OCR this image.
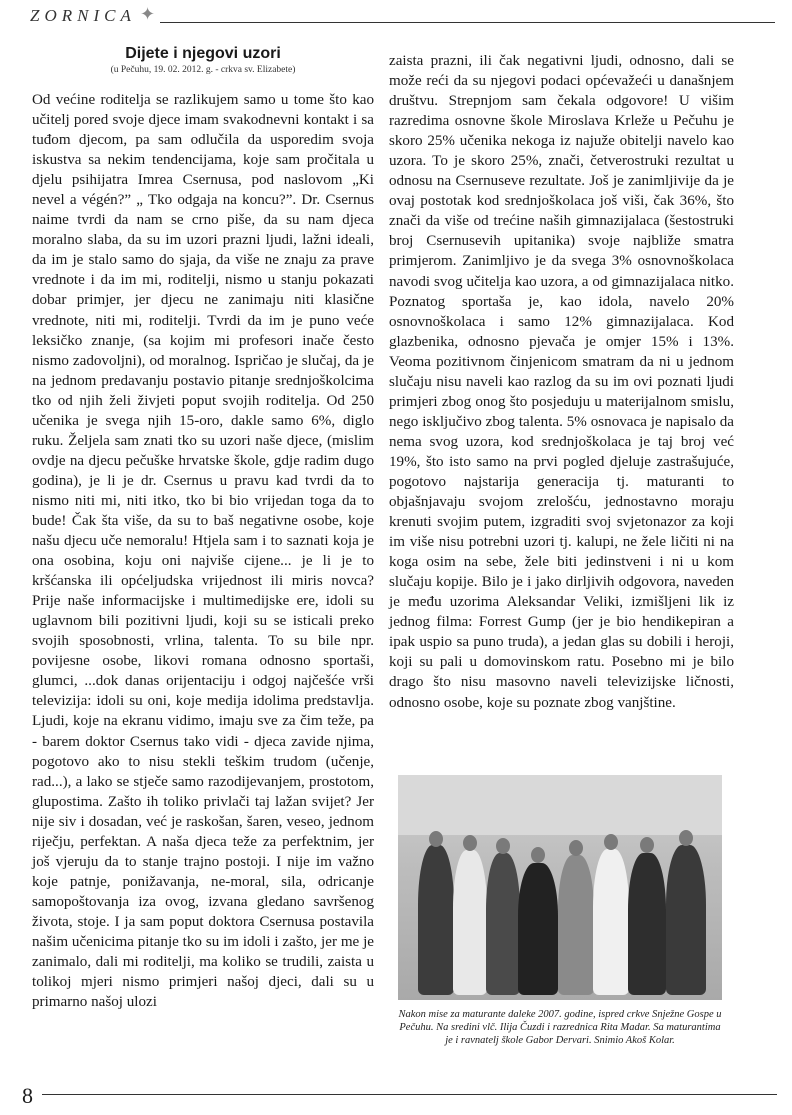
ZORNICA ✦
Dijete i njegovi uzori
(u Pečuhu, 19. 02. 2012. g. - crkva sv. Elizabete)

Od većine roditelja se razlikujem samo u tome što kao učitelj pored svoje djece imam svakodnevni kontakt i sa tuđom djecom, pa sam odlučila da usporedim svoja iskustva sa nekim tendencijama, koje sam pročitala u djelu psihijatra Imrea Csernusa, pod naslovom „Ki nevel a végén?” „ Tko odgaja na koncu?”. Dr. Csernus naime tvrdi da nam se crno piše, da su nam djeca moralno slaba, da su im uzori prazni ljudi, lažni ideali, da im je stalo samo do sjaja, da više ne znaju za prave vrednote i da im mi, roditelji, nismo u stanju pokazati dobar primjer, jer djecu ne zanimaju niti klasične vrednote, niti mi, roditelji. Tvrdi da im je puno veće leksičko znanje, (sa kojim mi profesori inače često nismo zadovoljni), od moralnog. Ispričao je slučaj, da je na jednom predavanju postavio pitanje srednjoškolcima tko od njih želi živjeti poput svojih roditelja. Od 250 učenika je svega njih 15-oro, dakle samo 6%, diglo ruku. Željela sam znati tko su uzori naše djece, (mislim ovdje na djecu pečuške hrvatske škole, gdje radim dugo godina), je li je dr. Csernus u pravu kad tvrdi da to nismo niti mi, niti itko, tko bi bio vrijedan toga da to bude! Čak šta više, da su to baš negativne osobe, koje našu djecu uče nemoralu! Htjela sam i to saznati koja je ona osobina, koju oni najviše cijene... je li je to kršćanska ili općeljudska vrijednost ili miris novca? Prije naše informacijske i multimedijske ere, idoli su uglavnom bili pozitivni ljudi, koji su se isticali preko svojih sposobnosti, vrlina, talenta. To su bile npr. povijesne osobe, likovi romana odnosno sportaši, glumci, ...dok danas orijentaciju i odgoj najčešće vrši televizija: idoli su oni, koje medija idolima predstavlja. Ljudi, koje na ekranu vidimo, imaju sve za čim teže, pa - barem doktor Csernus tako vidi - djeca zavide njima, pogotovo ako to nisu stekli teškim trudom (učenje, rad...), a lako se stječe samo razodijevanjem, prostotom, glupostima. Zašto ih toliko privlači taj lažan svijet? Jer nije siv i dosadan, već je raskošan, šaren, veseo, jednom riječju, perfektan. A naša djeca teže za perfektnim, jer još vjeruju da to stanje trajno postoji. I nije im važno koje patnje, ponižavanja, ne-moral, sila, odricanje samopoštovanja iza ovog, izvana gledano savršenog života, stoje. I ja sam poput doktora Csernusa postavila našim učenicima pitanje tko su im idoli i zašto, jer me je zanimalo, dali mi roditelji, ma koliko se trudili, zaista u tolikoj mjeri nismo primjeri našoj djeci, dali su u primarno našoj ulozi

zaista prazni, ili čak negativni ljudi, odnosno, dali se može reći da su njegovi podaci općevažeći u današnjem društvu. Strepnjom sam čekala odgovore! U višim razredima osnovne škole Miroslava Krleže u Pečuhu je skoro 25% učenika nekoga iz najuže obitelji navelo kao uzora. To je skoro 25%, znači, četverostruki rezultat u odnosu na Csernuseve rezultate. Još je zanimljivije da je ovaj postotak kod srednjoškolaca još viši, čak 36%, što znači da više od trećine naših gimnazijalaca (šestostruki broj Csernusevih upitanika) svoje najbliže smatra primjerom. Zanimljivo je da svega 3% osnovnoškolaca navodi svog učitelja kao uzora, a od gimnazijalaca nitko. Poznatog sportaša je, kao idola, navelo 20% osnovnoškolaca i samo 12% gimnazijalaca. Kod glazbenika, odnosno pjevača je omjer 15% i 13%. Veoma pozitivnom činjenicom smatram da ni u jednom slučaju nisu naveli kao razlog da su im ovi poznati ljudi primjeri zbog onog što posjeduju u materijalnom smislu, nego isključivo zbog talenta. 5% osnovaca je napisalo da nema svog uzora, kod srednjoškolaca je taj broj već 19%, što isto samo na prvi pogled djeluje zastrašujuće, pogotovo najstarija generacija tj. maturanti to objašnjavaju svojom zrelošću, jednostavno moraju krenuti svojim putem, izgraditi svoj svjetonazor za koji im više nisu potrebni uzori tj. kalupi, ne žele ličiti ni na koga osim na sebe, žele biti jedinstveni i ni u kom slučaju kopije. Bilo je i jako dirljivih odgovora, naveden je među uzorima Aleksandar Veliki, izmišljeni lik iz jednog filma: Forrest Gump (jer je bio hendikepiran a ipak uspio sa puno truda), a jedan glas su dobili i heroji, koji su pali u domovinskom ratu. Posebno mi je bilo drago što nisu masovno naveli televizijske ličnosti, odnosno osobe, koje su poznate zbog vanjštine.

Nakon mise za maturante daleke 2007. godine, ispred crkve Snježne Gospe u Pečuhu. Na sredini vlč. Ilija Čuzdi i razrednica Rita Madar. Sa maturantima je i ravnatelj škole Gabor Dervari. Snimio Akoš Kolar.
8
